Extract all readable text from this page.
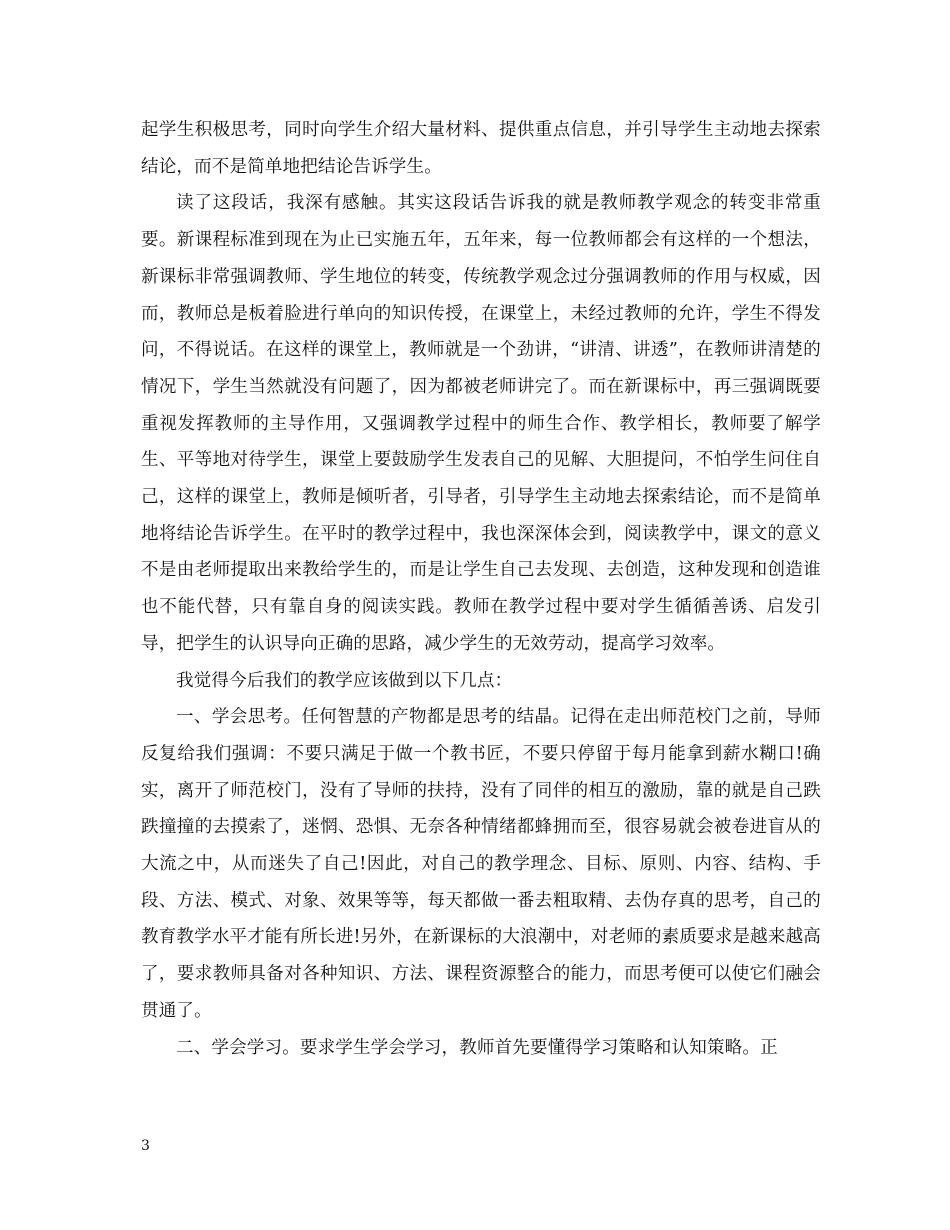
起学生积极思考，同时向学生介绍大量材料、提供重点信息，并引导学生主动地去探索结论，而不是简单地把结论告诉学生。

读了这段话，我深有感触。其实这段话告诉我的就是教师教学观念的转变非常重要。新课程标准到现在为止已实施五年，五年来，每一位教师都会有这样的一个想法，新课标非常强调教师、学生地位的转变，传统教学观念过分强调教师的作用与权威，因而，教师总是板着脸进行单向的知识传授，在课堂上，未经过教师的允许，学生不得发问，不得说话。在这样的课堂上，教师就是一个劲讲，“讲清、讲透”，在教师讲清楚的情况下，学生当然就没有问题了，因为都被老师讲完了。而在新课标中，再三强调既要重视发挥教师的主导作用，又强调教学过程中的师生合作、教学相长，教师要了解学生、平等地对待学生，课堂上要鼓励学生发表自己的见解、大胆提问，不怕学生问住自己，这样的课堂上，教师是倾听者，引导者，引导学生主动地去探索结论，而不是简单地将结论告诉学生。在平时的教学过程中，我也深深体会到，阅读教学中，课文的意义不是由老师提取出来教给学生的，而是让学生自己去发现、去创造，这种发现和创造谁也不能代替，只有靠自身的阅读实践。教师在教学过程中要对学生循循善诱、启发引导，把学生的认识导向正确的思路，减少学生的无效劳动，提高学习效率。

我觉得今后我们的教学应该做到以下几点：

一、学会思考。任何智慧的产物都是思考的结晶。记得在走出师范校门之前，导师反复给我们强调：不要只满足于做一个教书匠，不要只停留于每月能拿到薪水糊口!确实，离开了师范校门，没有了导师的扶持，没有了同伴的相互的激励，靠的就是自己跌跌撞撞的去摸索了，迷惘、恐惧、无奈各种情绪都蜂拥而至，很容易就会被卷进盲从的大流之中，从而迷失了自己!因此，对自己的教学理念、目标、原则、内容、结构、手段、方法、模式、对象、效果等等，每天都做一番去粗取精、去伪存真的思考，自己的教育教学水平才能有所长进!另外，在新课标的大浪潮中，对老师的素质要求是越来越高了，要求教师具备对各种知识、方法、课程资源整合的能力，而思考便可以使它们融会贯通了。

二、学会学习。要求学生学会学习，教师首先要懂得学习策略和认知策略。正

3
